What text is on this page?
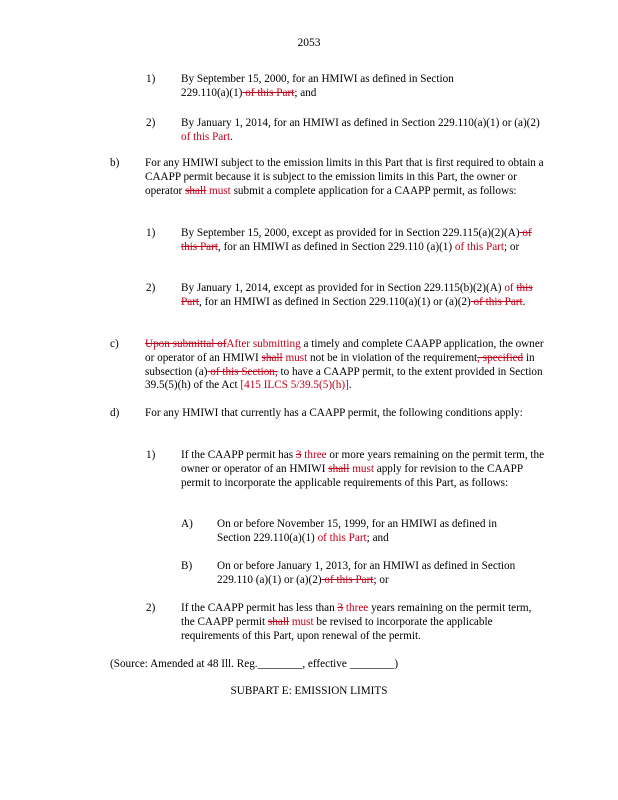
2053
1) By September 15, 2000, for an HMIWI as defined in Section 229.110(a)(1) of this Part; and
2) By January 1, 2014, for an HMIWI as defined in Section 229.110(a)(1) or (a)(2) of this Part.
b) For any HMIWI subject to the emission limits in this Part that is first required to obtain a CAAPP permit because it is subject to the emission limits in this Part, the owner or operator shall must submit a complete application for a CAAPP permit, as follows:
1) By September 15, 2000, except as provided for in Section 229.115(a)(2)(A) of this Part, for an HMIWI as defined in Section 229.110 (a)(1) of this Part; or
2) By January 1, 2014, except as provided for in Section 229.115(b)(2)(A) of this Part, for an HMIWI as defined in Section 229.110(a)(1) or (a)(2) of this Part.
c) Upon submittal ofAfter submitting a timely and complete CAAPP application, the owner or operator of an HMIWI shall must not be in violation of the requirement, specified in subsection (a) of this Section, to have a CAAPP permit, to the extent provided in Section 39.5(5)(h) of the Act [415 ILCS 5/39.5(5)(h)].
d) For any HMIWI that currently has a CAAPP permit, the following conditions apply:
1) If the CAAPP permit has 3 three or more years remaining on the permit term, the owner or operator of an HMIWI shall must apply for revision to the CAAPP permit to incorporate the applicable requirements of this Part, as follows:
A) On or before November 15, 1999, for an HMIWI as defined in Section 229.110(a)(1) of this Part; and
B) On or before January 1, 2013, for an HMIWI as defined in Section 229.110 (a)(1) or (a)(2) of this Part; or
2) If the CAAPP permit has less than 3 three years remaining on the permit term, the CAAPP permit shall must be revised to incorporate the applicable requirements of this Part, upon renewal of the permit.
(Source: Amended at 48 Ill. Reg.________, effective ________)
SUBPART E: EMISSION LIMITS
